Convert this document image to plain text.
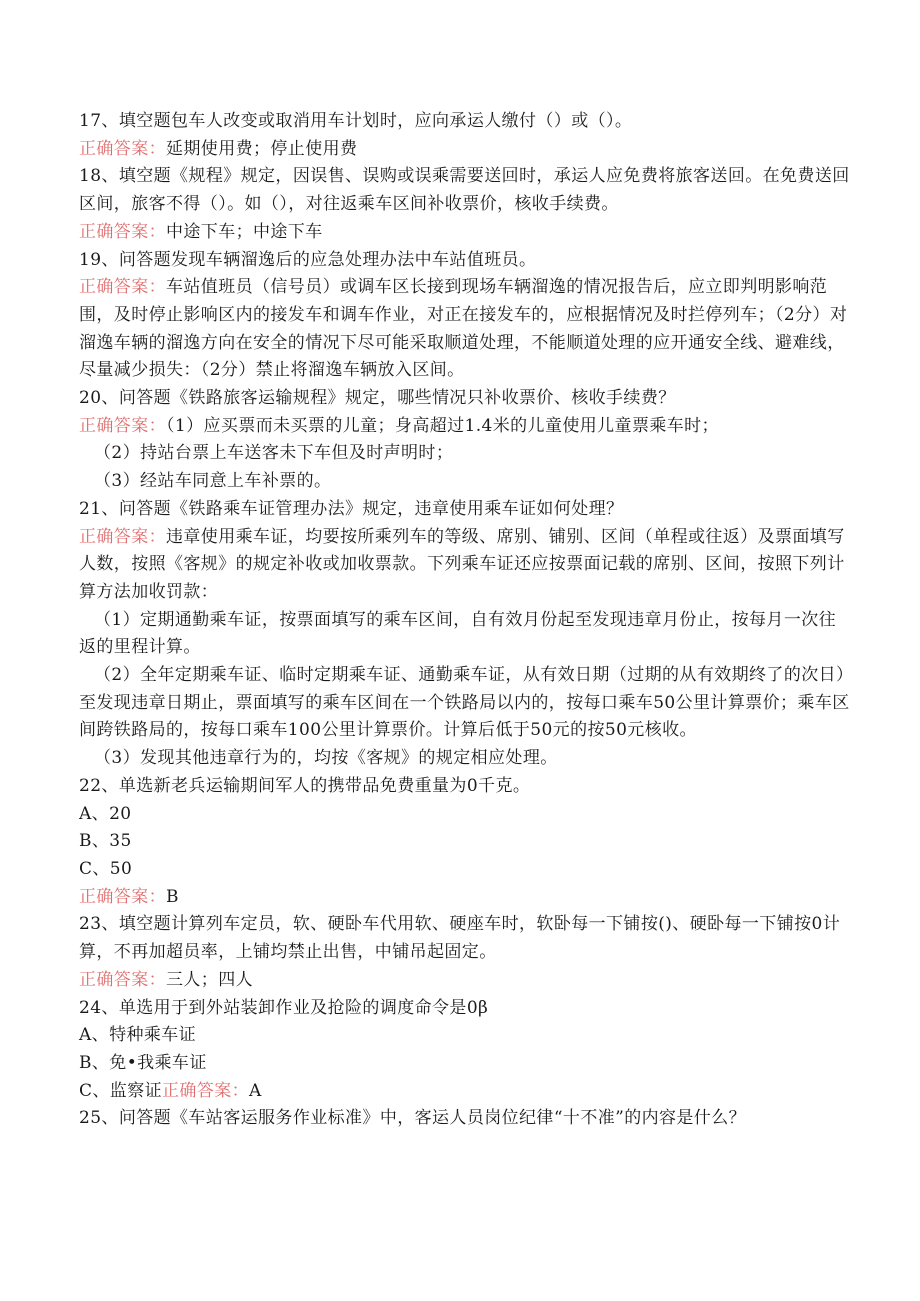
17、填空题包车人改变或取消用车计划时，应向承运人缴付（）或（）。
正确答案：延期使用费；停止使用费
18、填空题《规程》规定，因误售、误购或误乘需要送回时，承运人应免费将旅客送回。在免费送回区间，旅客不得（）。如（），对往返乘车区间补收票价，核收手续费。
正确答案：中途下车；中途下车
19、问答题发现车辆溜逸后的应急处理办法中车站值班员。
正确答案：车站值班员（信号员）或调车区长接到现场车辆溜逸的情况报告后，应立即判明影响范围，及时停止影响区内的接发车和调车作业，对正在接发车的，应根据情况及时拦停列车；（2分）对溜逸车辆的溜逸方向在安全的情况下尽可能采取顺道处理，不能顺道处理的应开通安全线、避难线，尽量减少损失：（2分）禁止将溜逸车辆放入区间。
20、问答题《铁路旅客运输规程》规定，哪些情况只补收票价、核收手续费？
正确答案：（1）应买票而未买票的儿童；身高超过1.4米的儿童使用儿童票乘车时；
（2）持站台票上车送客未下车但及时声明时；
（3）经站车同意上车补票的。
21、问答题《铁路乘车证管理办法》规定，违章使用乘车证如何处理？
正确答案：违章使用乘车证，均要按所乘列车的等级、席别、铺别、区间（单程或往返）及票面填写人数，按照《客规》的规定补收或加收票款。下列乘车证还应按票面记载的席别、区间，按照下列计算方法加收罚款：
（1）定期通勤乘车证，按票面填写的乘车区间，自有效月份起至发现违章月份止，按每月一次往返的里程计算。
（2）全年定期乘车证、临时定期乘车证、通勤乘车证，从有效日期（过期的从有效期终了的次日）至发现违章日期止，票面填写的乘车区间在一个铁路局以内的，按每口乘车50公里计算票价；乘车区间跨铁路局的，按每口乘车100公里计算票价。计算后低于50元的按50元核收。
（3）发现其他违章行为的，均按《客规》的规定相应处理。
22、单选新老兵运输期间军人的携带品免费重量为0千克。
A、20
B、35
C、50
正确答案：B
23、填空题计算列车定员，软、硬卧车代用软、硬座车时，软卧每一下铺按()、硬卧每一下铺按0计算，不再加超员率，上铺均禁止出售，中铺吊起固定。
正确答案：三人；四人
24、单选用于到外站装卸作业及抢险的调度命令是0β
A、特种乘车证
B、免•我乘车证
C、监察证正确答案：A
25、问答题《车站客运服务作业标准》中，客运人员岗位纪律“十不准”的内容是什么？
